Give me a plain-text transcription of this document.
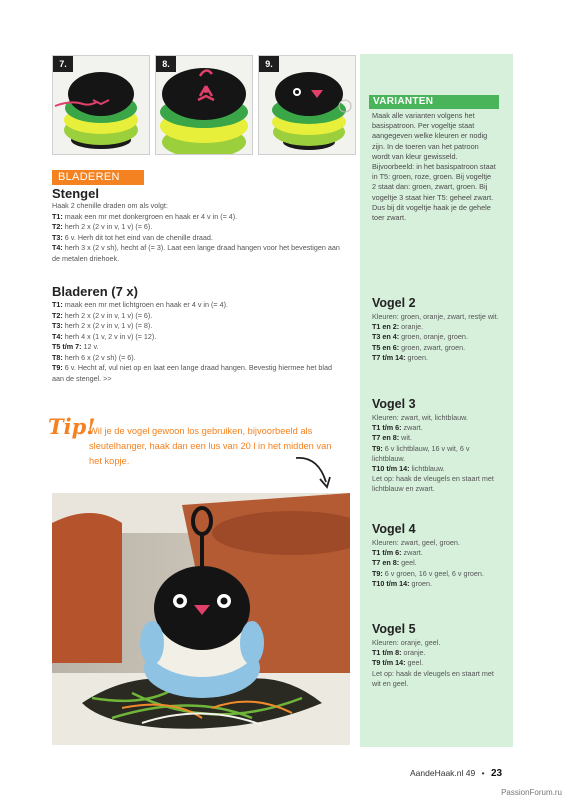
7.	8.	9.
BLADEREN
Stengel

Haak 2 chenille draden om als volgt:

T1: maak een mr met donkergroen en haak er 4 v in (= 4).

T2: herh 2 x (2 v in v, 1 v) (= 6).

T3: 6 v. Herh dit tot het eind van de chenille draad.

T4: herh 3 x (2 v sh), hecht af (= 3). Laat een lange draad hangen voor het bevestigen aan de metalen driehoek.

Bladeren (7 x)

T1: maak een mr met lichtgroen en haak er 4 v in (= 4).

T2: herh 2 x (2 v in v, 1 v) (= 6).

T3: herh 2 x (2 v in v, 1 v) (= 8).

T4: herh 4 x (1 v, 2 v in v) (= 12).

T5 t/m 7: 12 v.

T8: herh 6 x (2 v sh) (= 6).

T9: 6 v. Hecht af, vul niet op en laat een lange draad hangen. Bevestig hiermee het blad aan de stengel. >>

Tip!
Wil je de vogel gewoon los gebruiken, bijvoorbeeld als sleutelhanger, haak dan een lus van 20 l in het midden van het kopje.
VARIANTEN
Maak alle varianten volgens het basispatroon. Per vogeltje staat aangegeven welke kleuren er nodig zijn. In de toeren van het patroon wordt van kleur gewisseld. Bijvoorbeeld: in het basispatroon staat in T5: groen, roze, groen. Bij vogeltje 2 staat dan: groen, zwart, groen. Bij vogeltje 3 staat hier T5: geheel zwart. Dus bij dit vogeltje haak je de gehele toer zwart.
Vogel 2

Kleuren: groen, oranje, zwart, restje wit.

T1 en 2: oranje.

T3 en 4: groen, oranje, groen.

T5 en 6: groen, zwart, groen.

T7 t/m 14: groen.

Vogel 3

Kleuren: zwart, wit, lichtblauw.

T1 t/m 6: zwart.

T7 en 8: wit.

T9: 6 v lichtblauw, 16 v wit, 6 v lichtblauw.

T10 t/m 14: lichtblauw.

Let op: haak de vleugels en staart met lichtblauw en zwart.

Vogel 4

Kleuren: zwart, geel, groen.

T1 t/m 6: zwart.

T7 en 8: geel.

T9: 6 v groen, 16 v geel, 6 v groen.

T10 t/m 14: groen.

Vogel 5

Kleuren: oranje, geel.

T1 t/m 8: oranje.

T9 t/m 14: geel.

Let op: haak de vleugels en staart met wit en geel.

AandeHaak.nl 49 • 23
PassionForum.ru
